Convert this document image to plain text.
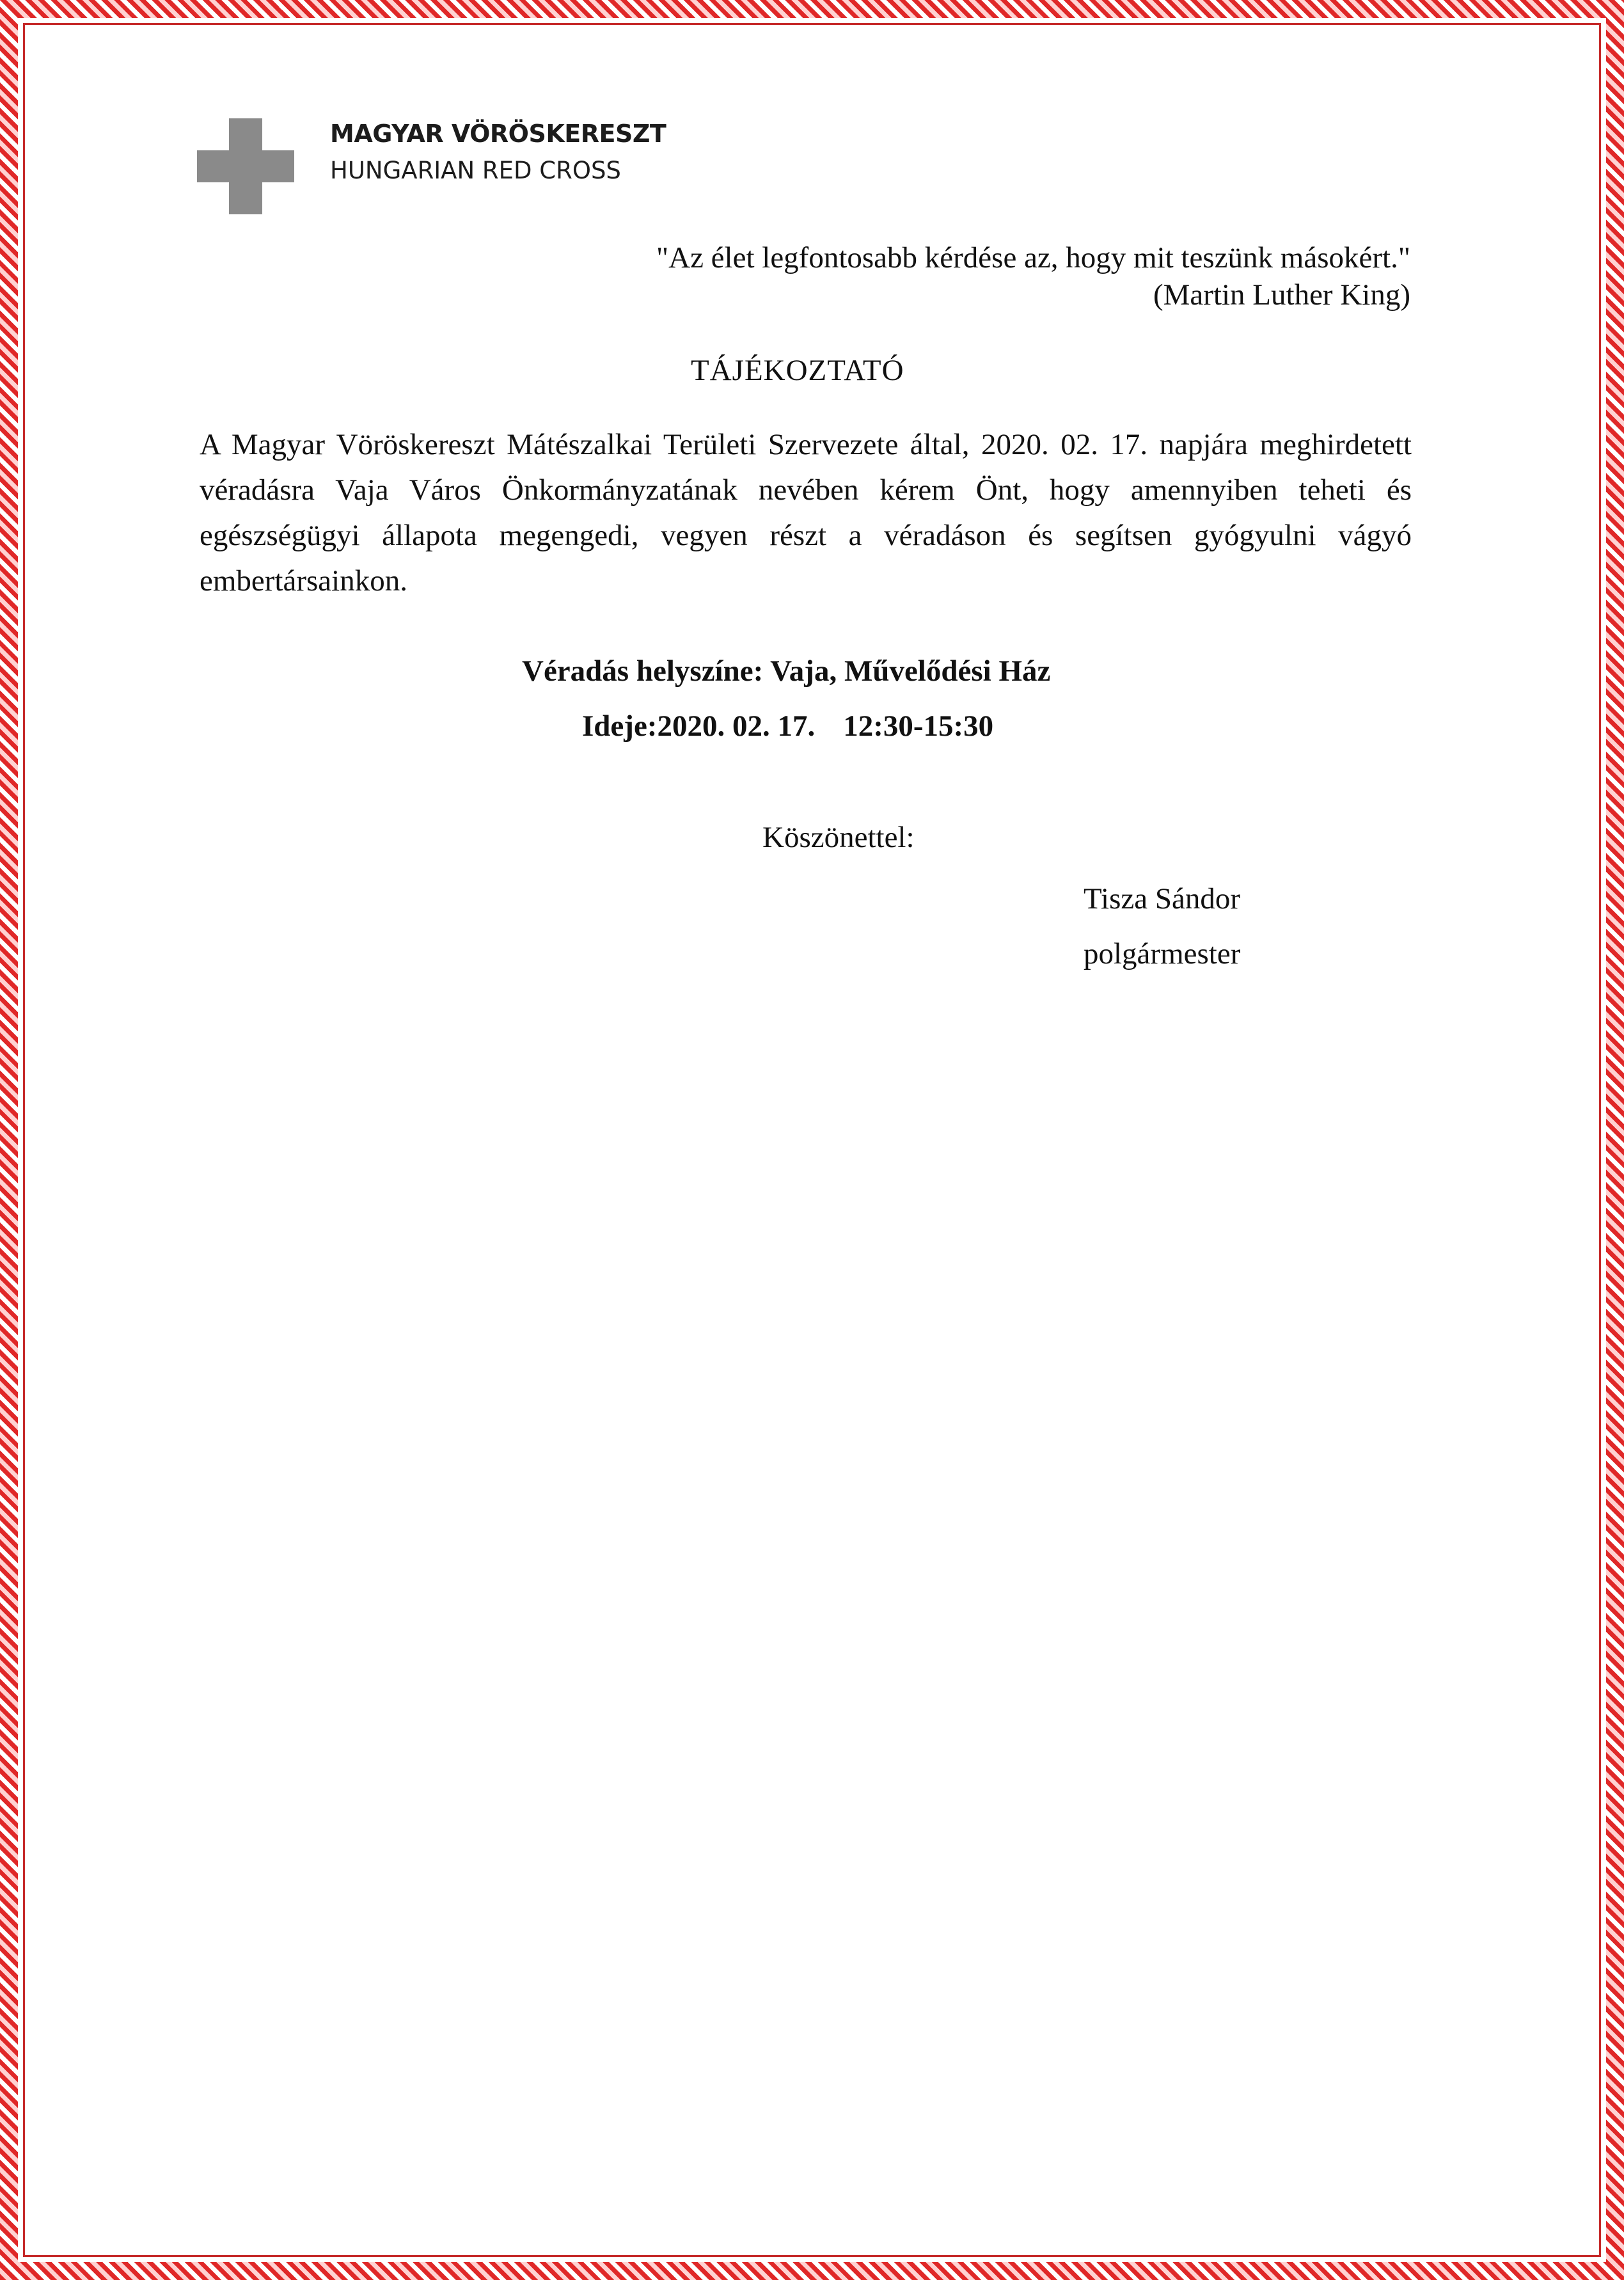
MAGYAR VÖRÖSKERESZT
HUNGARIAN RED CROSS
"Az élet legfontosabb kérdése az, hogy mit teszünk másokért."
(Martin Luther King)
TÁJÉKOZTATÓ
A Magyar Vöröskereszt Mátészalkai Területi Szervezete által, 2020. 02. 17. napjára meghirdetett véradásra Vaja Város Önkormányzatának nevében kérem Önt, hogy amennyiben teheti és egészségügyi állapota megengedi, vegyen részt a véradáson és segítsen gyógyulni vágyó embertársainkon.
Véradás helyszíne: Vaja, Művelődési Ház
Ideje:2020. 02. 17. 12:30-15:30
Köszönettel:
Tisza Sándor
polgármester
